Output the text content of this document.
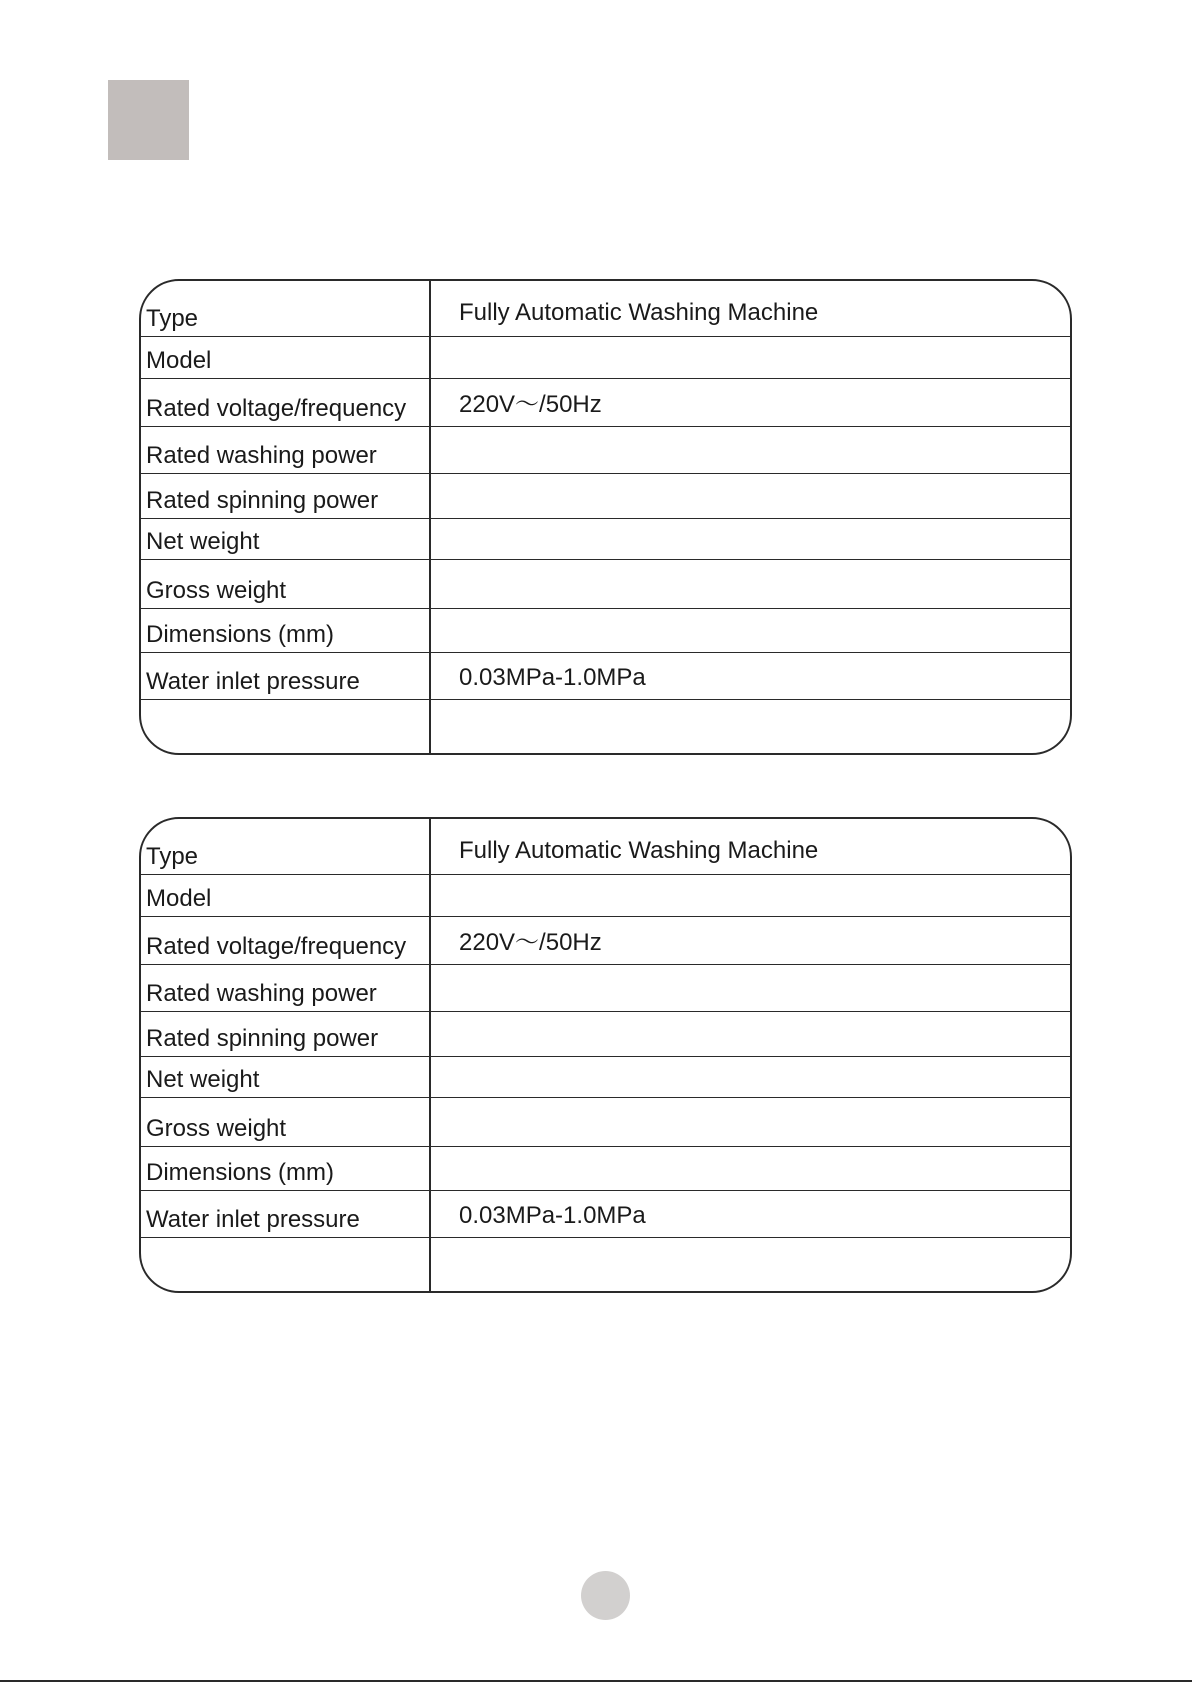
Type	Fully Automatic Washing Machine
Model
Rated voltage/frequency 220V～/50Hz
Rated washing power
Rated spinning power
Net weight
Gross weight
Dimensions (mm)
Water inlet pressure	0.03MPa-1.0MPa
Type	Fully Automatic Washing Machine
Model
Rated voltage/frequency 220V～/50Hz
Rated washing power
Rated spinning power
Net weight
Gross weight
Dimensions (mm)
Water inlet pressure	0.03MPa-1.0MPa
